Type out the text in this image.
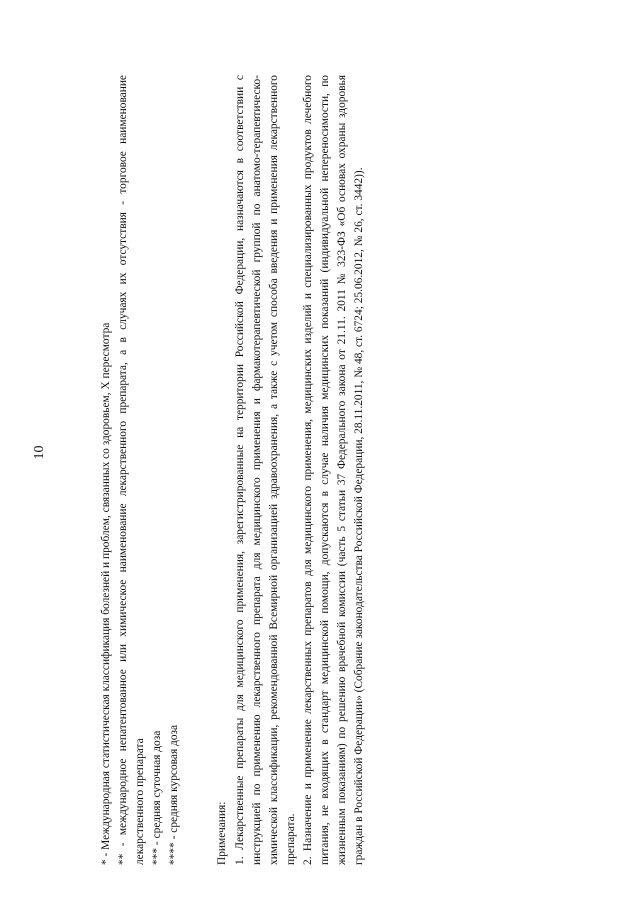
10	* - Международная статистическая классификация болезней и проблем, связанных со здоровьем, X пересмотра ** - международное непатентованное или химическое наименование лекарственного препарата, а в случаях их отсутствия - торговое наименование лекарственного препарата *** - средняя суточная доза **** - средняя курсовая доза	Примечания: 1. Лекарственные препараты для медицинского применения, зарегистрированные на территории Российской Федерации, назначаются в соответствии с инструкцией по применению лекарственного препарата для медицинского применения и фармакотерапевтической группой по анатомо-терапевтическо-химической классификации, рекомендованной Всемирной организацией здравоохранения, а также с учетом способа введения и применения лекарственного препарата. 2. Назначение и применение лекарственных препаратов для медицинского применения, медицинских изделий и специализированных продуктов лечебного питания, не входящих в стандарт медицинской помощи, допускаются в случае наличия медицинских показаний (индивидуальной непереносимости, по жизненным показаниям) по решению врачебной комиссии (часть 5 статьи 37 Федерального закона от 21.11. 2011 № 323-ФЗ «Об основах охраны здоровья граждан в Российской Федерации» (Собрание законодательства Российской Федерации, 28.11.2011, № 48, ст. 6724; 25.06.2012, № 26, ст. 3442)).
